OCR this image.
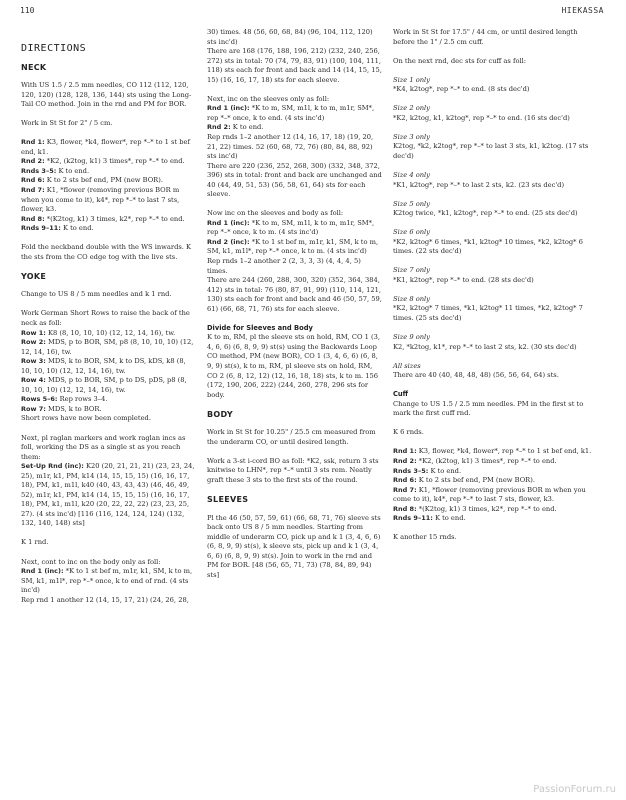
110	HIEKASSA
DIRECTIONS
NECK

With US 1.5 / 2.5 mm needles, CO 112 (112, 120, 120, 120) (128, 128, 136, 144) sts using the Long-Tail CO method. Join in the rnd and PM for BOR.

Work in St St for 2" / 5 cm.

Rnd 1: K3, flower, *k4, flower*, rep *–* to 1 st bef end, k1.
Rnd 2: *K2, (k2tog, k1) 3 times*, rep *–* to end.
Rnds 3–5: K to end.
Rnd 6: K to 2 sts bef end, PM (new BOR).
Rnd 7: K1, *flower (removing previous BOR m when you come to it), k4*, rep *–* to last 7 sts, flower, k3.
Rnd 8: *(K2tog, k1) 3 times, k2*, rep *–* to end.
Rnds 9–11: K to end.

Fold the neckband double with the WS inwards. K the sts from the CO edge tog with the live sts.

YOKE

Change to US 8 / 5 mm needles and k 1 rnd.

Work German Short Rows to raise the back of the neck as foll:
Row 1: K8 (8, 10, 10, 10) (12, 12, 14, 16), tw.
Row 2: MDS, p to BOR, SM, p8 (8, 10, 10, 10) (12, 12, 14, 16), tw.
Row 3: MDS, k to BOR, SM, k to DS, kDS, k8 (8, 10, 10, 10) (12, 12, 14, 16), tw.
Row 4: MDS, p to BOR, SM, p to DS, pDS, p8 (8, 10, 10, 10) (12, 12, 14, 16), tw.
Rows 5–6: Rep rows 3–4.
Row 7: MDS, k to BOR.

Short rows have now been completed.

Next, pl raglan markers and work raglan incs as foll, working the DS as a single st as you reach them:

Set-Up Rnd (inc): K20 (20, 21, 21, 21) (23, 23, 24, 25), m1r, k1, PM, k14 (14, 15, 15, 15) (16, 16, 17, 18), PM, k1, m1l, k40 (40, 43, 43, 43) (46, 46, 49, 52), m1r, k1, PM, k14 (14, 15, 15, 15) (16, 16, 17, 18), PM, k1, m1l, k20 (20, 22, 22, 22) (23, 23, 25, 27). (4 sts inc'd) [116 (116, 124, 124, 124) (132, 132, 140, 148) sts]

K 1 rnd.

Next, cont to inc on the body only as foll:
Rnd 1 (inc): *K to 1 st bef m, m1r, k1, SM, k to m, SM, k1, m1l*, rep *–* once, k to end of rnd. (4 sts inc'd)
Rep rnd 1 another 12 (14, 15, 17, 21) (24, 26, 28,
30) times. 48 (56, 60, 68, 84) (96, 104, 112, 120) sts inc'd)

There are 168 (176, 188, 196, 212) (232, 240, 256, 272) sts in total: 70 (74, 79, 83, 91) (100, 104, 111, 118) sts each for front and back and 14 (14, 15, 15, 15) (16, 16, 17, 18) sts for each sleeve.

Next, inc on the sleeves only as foll:
Rnd 1 (inc): *K to m, SM, m1l, k to m, m1r, SM*, rep *–* once, k to end. (4 sts inc'd)
Rnd 2: K to end.
Rep rnds 1–2 another 12 (14, 16, 17, 18) (19, 20, 21, 22) times. 52 (60, 68, 72, 76) (80, 84, 88, 92) sts inc'd)

There are 220 (236, 252, 268, 300) (332, 348, 372, 396) sts in total: front and back are unchanged and 40 (44, 49, 51, 53) (56, 58, 61, 64) sts for each sleeve.

Now inc on the sleeves and body as foll:
Rnd 1 (inc): *K to m, SM, m1l, k to m, m1r, SM*, rep *–* once, k to m. (4 sts inc'd)
Rnd 2 (inc): *K to 1 st bef m, m1r, k1, SM, k to m, SM, k1, m1l*, rep *–* once, k to m. (4 sts inc'd)
Rep rnds 1–2 another 2 (2, 3, 3, 3) (4, 4, 4, 5) times.

There are 244 (260, 288, 300, 320) (352, 364, 384, 412) sts in total: 76 (80, 87, 91, 99) (110, 114, 121, 130) sts each for front and back and 46 (50, 57, 59, 61) (66, 68, 71, 76) sts for each sleeve.

Divide for Sleeves and Body

K to m, RM, pl the sleeve sts on hold, RM, CO 1 (3, 4, 6, 6) (6, 8, 9, 9) st(s) using the Backwards Loop CO method, PM (new BOR), CO 1 (3, 4, 6, 6) (6, 8, 9, 9) st(s), k to m, RM, pl sleeve sts on hold, RM, CO 2 (6, 8, 12, 12) (12, 16, 18, 18) sts, k to m. 156 (172, 190, 206, 222) (244, 260, 278, 296 sts for body.

BODY

Work in St St for 10.25" / 25.5 cm measured from the underarm CO, or until desired length.

Work a 3-st i-cord BO as foll: *K2, ssk, return 3 sts knitwise to LHN*, rep *–* until 3 sts rem. Neatly graft these 3 sts to the first sts of the round.

SLEEVES

Pl the 46 (50, 57, 59, 61) (66, 68, 71, 76) sleeve sts back onto US 8 / 5 mm needles. Starting from middle of underarm CO, pick up and k 1 (3, 4, 6, 6) (6, 8, 9, 9) st(s), k sleeve sts, pick up and k 1 (3, 4, 6, 6) (6, 8, 9, 9) st(s). Join to work in the rnd and PM for BOR. [48 (56, 65, 71, 73) (78, 84, 89, 94) sts]

Work in St St for 17.5" / 44 cm, or until desired length before the 1" / 2.5 cm cuff.

On the next rnd, dec sts for cuff as foll:

Size 1 only

*K4, k2tog*, rep *–* to end. (8 sts dec'd)

Size 2 only

*K2, k2tog, k1, k2tog*, rep *–* to end. (16 sts dec'd)

Size 3 only

K2tog, *k2, k2tog*, rep *–* to last 3 sts, k1, k2tog. (17 sts dec'd)

Size 4 only

*K1, k2tog*, rep *–* to last 2 sts, k2. (23 sts dec'd)

Size 5 only

K2tog twice, *k1, k2tog*, rep *–* to end. (25 sts dec'd)

Size 6 only

*K2, k2tog* 6 times, *k1, k2tog* 10 times, *k2, k2tog* 6 times. (22 sts dec'd)

Size 7 only

*K1, k2tog*, rep *–* to end. (28 sts dec'd)

Size 8 only

*K2, k2tog* 7 times, *k1, k2tog* 11 times, *k2, k2tog* 7 times. (25 sts dec'd)

Size 9 only

K2, *k2tog, k1*, rep *–* to last 2 sts, k2. (30 sts dec'd)

All sizes

There are 40 (40, 48, 48, 48) (56, 56, 64, 64) sts.

Cuff

Change to US 1.5 / 2.5 mm needles. PM in the first st to mark the first cuff rnd.

K 6 rnds.

Rnd 1: K3, flower, *k4, flower*, rep *–* to 1 st bef end, k1.
Rnd 2: *K2, (k2tog, k1) 3 times*, rep *–* to end.
Rnds 3–5: K to end.
Rnd 6: K to 2 sts bef end, PM (new BOR).
Rnd 7: K1, *flower (removing previous BOR m when you come to it), k4*, rep *–* to last 7 sts, flower, k3.
Rnd 8: *(K2tog, k1) 3 times, k2*, rep *–* to end.
Rnds 9–11: K to end.

K another 15 rnds.

PassionForum.ru
